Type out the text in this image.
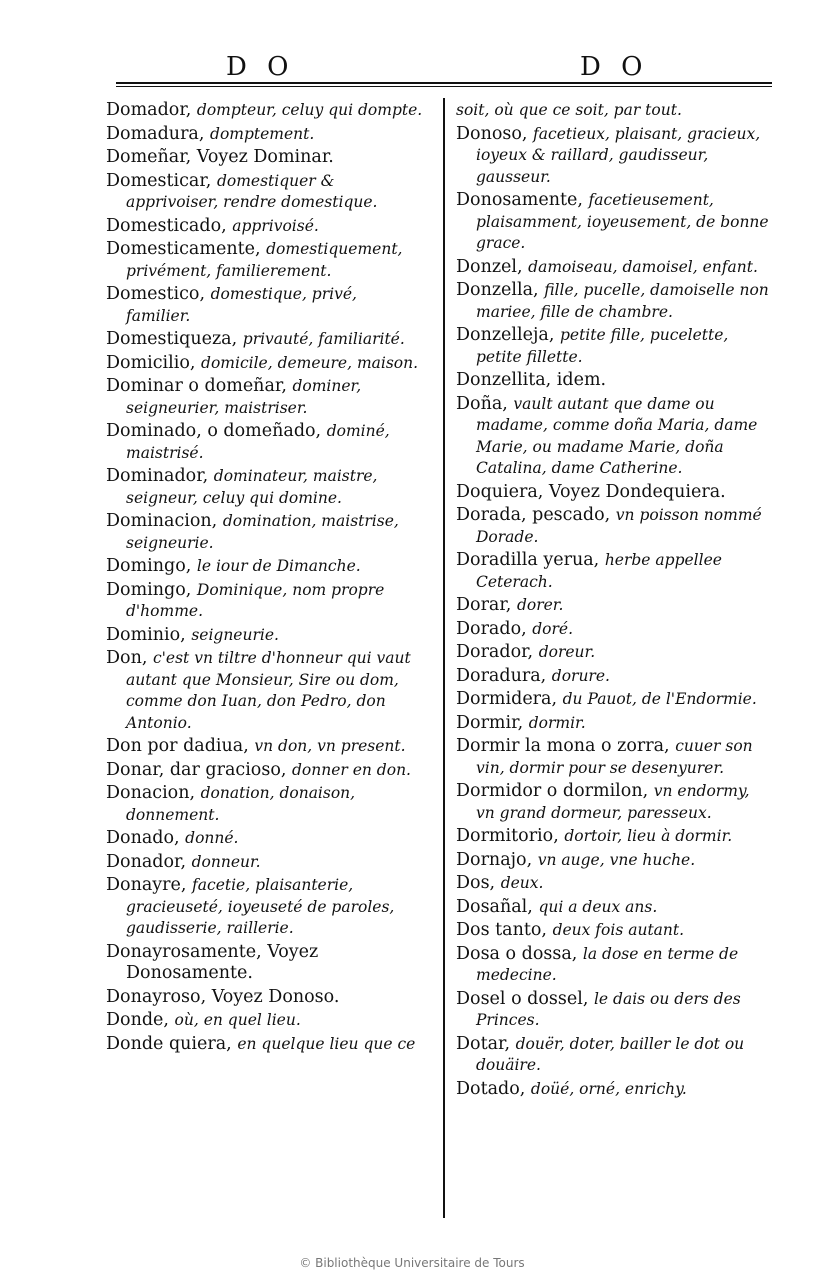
D O	D O
Domador, dompteur, celuy qui dompte.
Domadura, domptement.
Domeñar, Voyez Dominar.
Domesticar, domestiquer & apprivoiser, rendre domestique.
Domesticado, apprivoisé.
Domesticamente, domestiquement, privément, familierement.
Domestico, domestique, privé, familier.
Domestiqueza, privauté, familiarité.
Domicilio, domicile, demeure, maison.
Dominar o domeñar, dominer, seigneurier, maistriser.
Dominado, o domeñado, dominé, maistrisé.
Dominador, dominateur, maistre, seigneur, celuy qui domine.
Dominacion, domination, maistrise, seigneurie.
Domingo, le iour de Dimanche.
Domingo, Dominique, nom propre d'homme.
Dominio, seigneurie.
Don, c'est vn tiltre d'honneur qui vaut autant que Monsieur, Sire ou dom, comme don Iuan, don Pedro, don Antonio.
Don por dadiua, vn don, vn present.
Donar, dar gracioso, donner en don.
Donacion, donation, donaison, donnement.
Donado, donné.
Donador, donneur.
Donayre, facetie, plaisanterie, gracieuseté, ioyeuseté de paroles, gaudisserie, raillerie.
Donayrosamente, Voyez Donosamente.
Donayroso, Voyez Donoso.
Donde, où, en quel lieu.
Donde quiera, en quelque lieu que ce
soit, où que ce soit, par tout.
Donoso, facetieux, plaisant, gracieux, ioyeux & raillard, gaudisseur, gausseur.
Donosamente, facetieusement, plaisamment, ioyeusement, de bonne grace.
Donzel, damoiseau, damoisel, enfant.
Donzella, fille, pucelle, damoiselle non mariee, fille de chambre.
Donzelleja, petite fille, pucelette, petite fillette.
Donzellita, idem.
Doña, vault autant que dame ou madame, comme doña Maria, dame Marie, ou madame Marie, doña Catalina, dame Catherine.
Doquiera, Voyez Dondequiera.
Dorada, pescado, vn poisson nommé Dorade.
Doradilla yerua, herbe appellee Ceterach.
Dorar, dorer.
Dorado, doré.
Dorador, doreur.
Doradura, dorure.
Dormidera, du Pauot, de l'Endormie.
Dormir, dormir.
Dormir la mona o zorra, cuuer son vin, dormir pour se desenyurer.
Dormidor o dormilon, vn endormy, vn grand dormeur, paresseux.
Dormitorio, dortoir, lieu à dormir.
Dornajo, vn auge, vne huche.
Dos, deux.
Dosañal, qui a deux ans.
Dos tanto, deux fois autant.
Dosa o dossa, la dose en terme de medecine.
Dosel o dossel, le dais ou ders des Princes.
Dotar, douër, doter, bailler le dot ou douäire.
Dotado, doüé, orné, enrichy.
© Bibliothèque Universitaire de Tours
